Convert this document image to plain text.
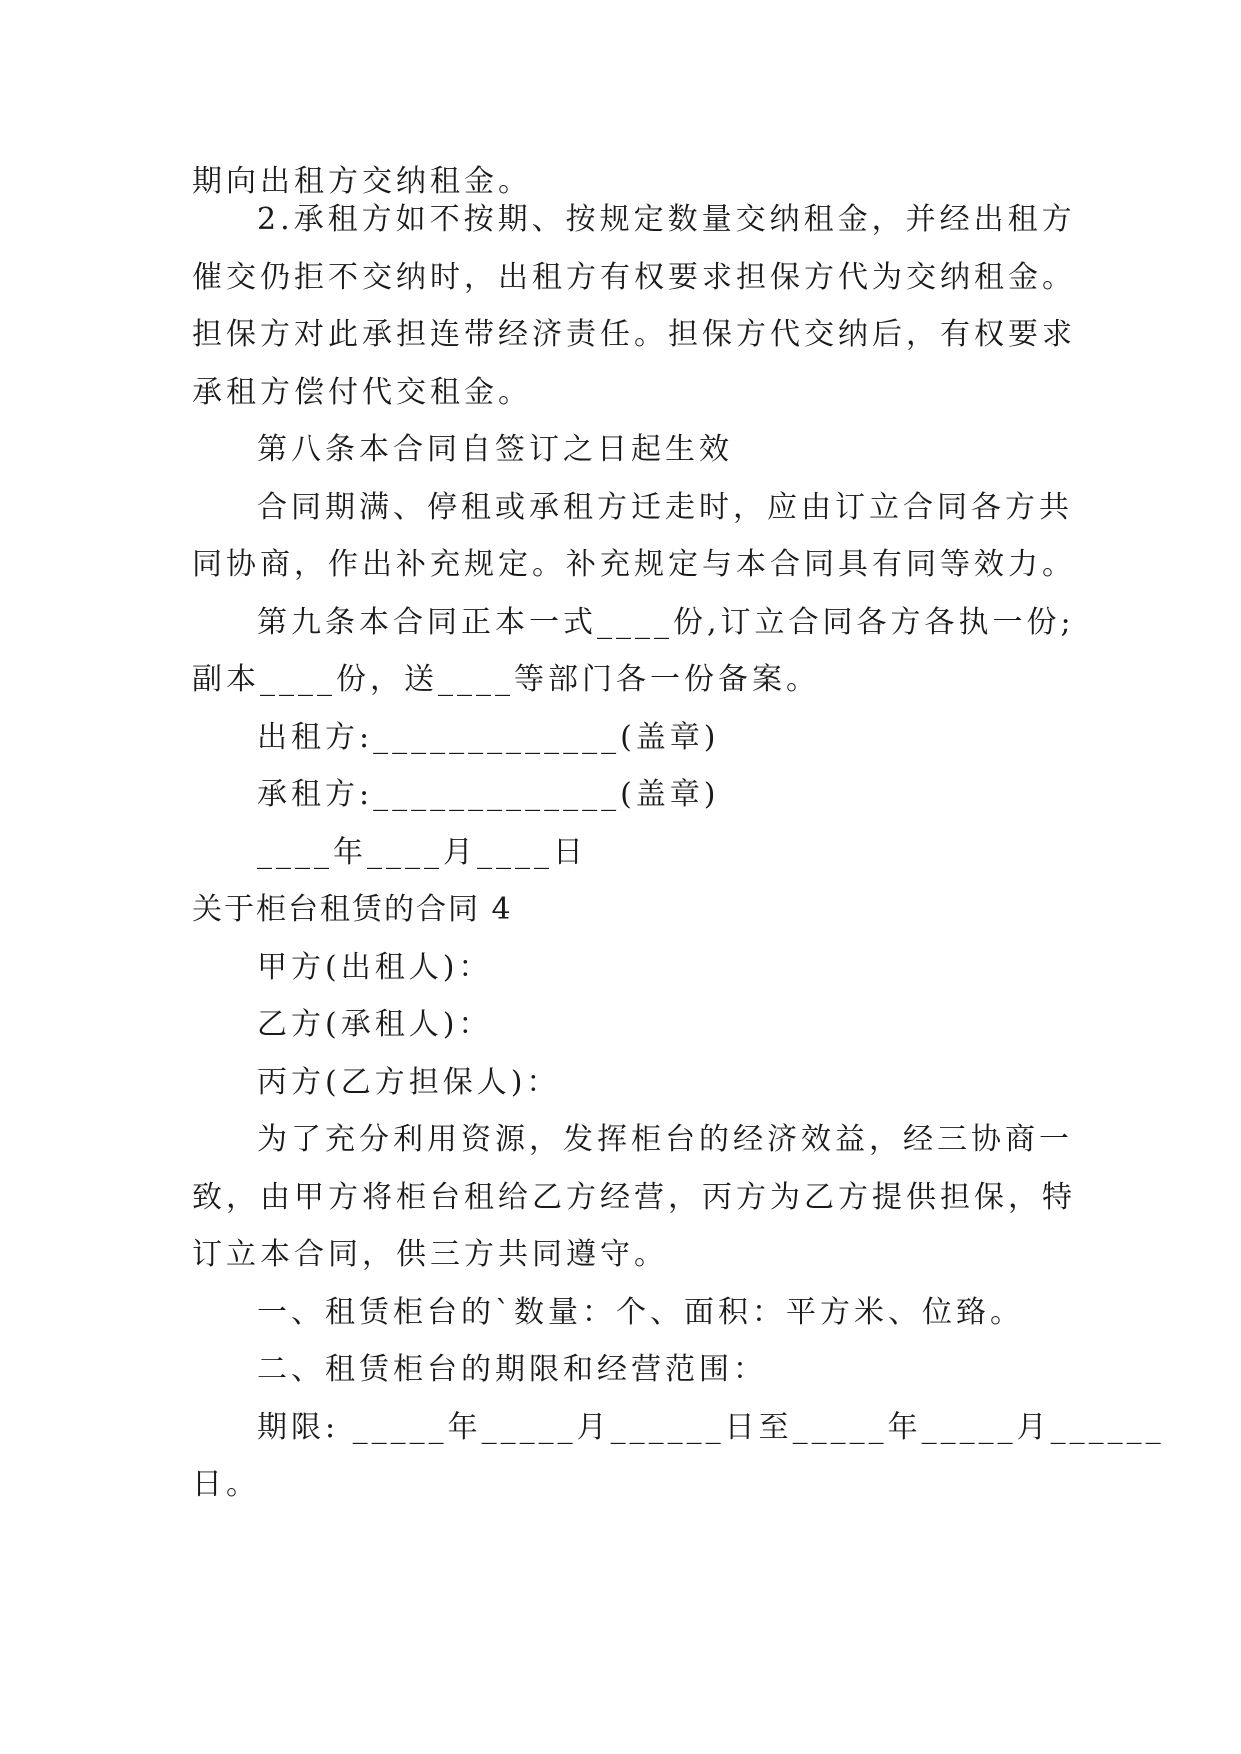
期向出租方交纳租金。

2.承租方如不按期、按规定数量交纳租金，并经出租方

催交仍拒不交纳时，出租方有权要求担保方代为交纳租金。

担保方对此承担连带经济责任。担保方代交纳后，有权要求

承租方偿付代交租金。

第八条本合同自签订之日起生效

合同期满、停租或承租方迁走时，应由订立合同各方共

同协商，作出补充规定。补充规定与本合同具有同等效力。

第九条本合同正本一式____份,订立合同各方各执一份;

副本____份，送____等部门各一份备案。

出租方:_____________(盖章)

承租方:_____________(盖章)

____年____月____日

关于柜台租赁的合同 4

甲方(出租人)：

乙方(承租人)：

丙方(乙方担保人)：

为了充分利用资源，发挥柜台的经济效益，经三协商一

致，由甲方将柜台租给乙方经营，丙方为乙方提供担保，特

订立本合同，供三方共同遵守。

一、租赁柜台的`数量：个、面积：平方米、位臵。

二、租赁柜台的期限和经营范围：

期限: _____年_____月______日至_____年_____月______

日。
